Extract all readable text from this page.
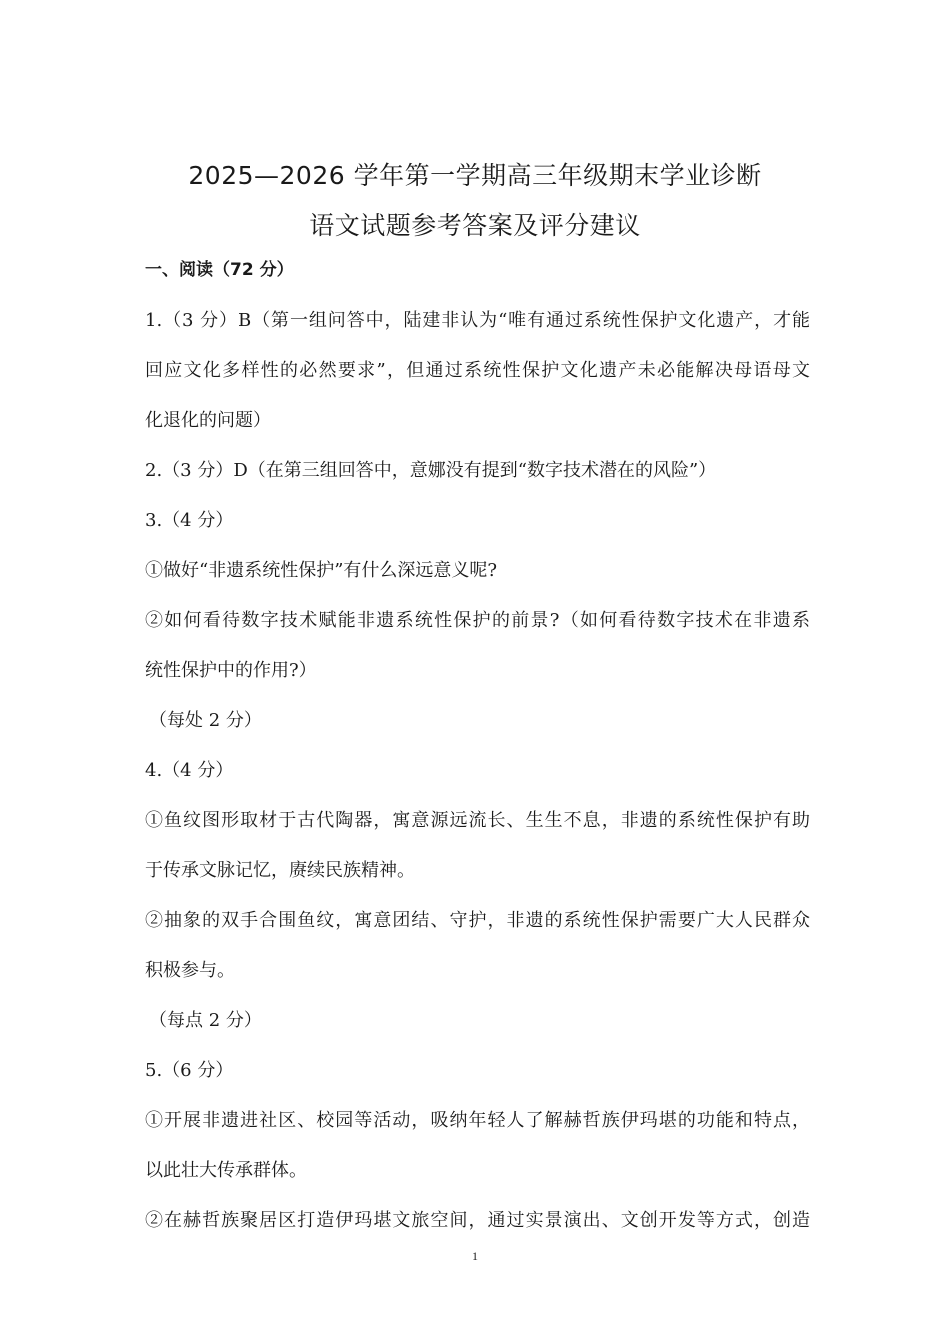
2025—2026 学年第一学期高三年级期末学业诊断
语文试题参考答案及评分建议
一、阅读（72 分）
1.（3 分）B（第一组问答中，陆建非认为“唯有通过系统性保护文化遗产，才能
回应文化多样性的必然要求”，但通过系统性保护文化遗产未必能解决母语母文
化退化的问题）
2.（3 分）D（在第三组回答中，意娜没有提到“数字技术潜在的风险”）
3.（4 分）
①做好“非遗系统性保护”有什么深远意义呢?
②如何看待数字技术赋能非遗系统性保护的前景?（如何看待数字技术在非遗系
统性保护中的作用?）
（每处 2 分）
4.（4 分）
①鱼纹图形取材于古代陶器，寓意源远流长、生生不息，非遗的系统性保护有助
于传承文脉记忆，赓续民族精神。
②抽象的双手合围鱼纹，寓意团结、守护，非遗的系统性保护需要广大人民群众
积极参与。
（每点 2 分）
5.（6 分）
①开展非遗进社区、校园等活动，吸纳年轻人了解赫哲族伊玛堪的功能和特点，
以此壮大传承群体。
②在赫哲族聚居区打造伊玛堪文旅空间，通过实景演出、文创开发等方式，创造
1
